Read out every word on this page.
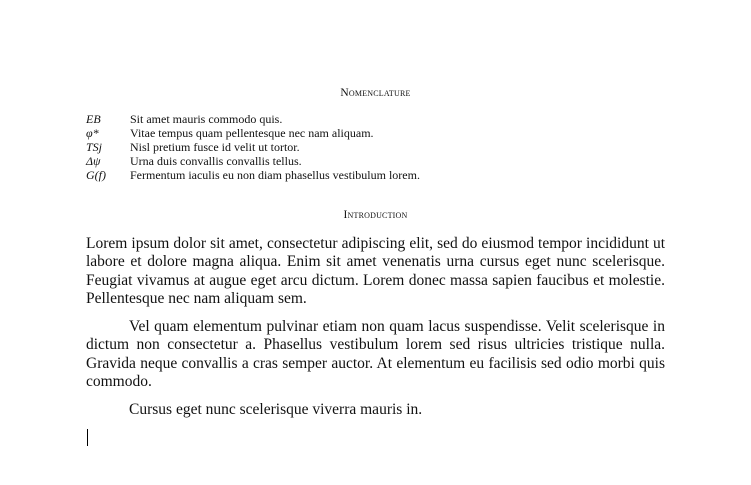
Nomenclature
EB	Sit amet mauris commodo quis.
φ*	Vitae tempus quam pellentesque nec nam aliquam.
TSj	Nisl pretium fusce id velit ut tortor.
Δψ	Urna duis convallis convallis tellus.
G(f)	Fermentum iaculis eu non diam phasellus vestibulum lorem.
Introduction

Lorem ipsum dolor sit amet, consectetur adipiscing elit, sed do eiusmod tempor incididunt ut labore et dolore magna aliqua. Enim sit amet venenatis urna cursus eget nunc scelerisque. Feugiat vivamus at augue eget arcu dictum. Lorem donec massa sapien faucibus et molestie. Pellentesque nec nam aliquam sem.

Vel quam elementum pulvinar etiam non quam lacus suspendisse. Velit scelerisque in dictum non consectetur a. Phasellus vestibulum lorem sed risus ultricies tristique nulla. Gravida neque convallis a cras semper auctor. At elementum eu facilisis sed odio morbi quis commodo.

Cursus eget nunc scelerisque viverra mauris in.
